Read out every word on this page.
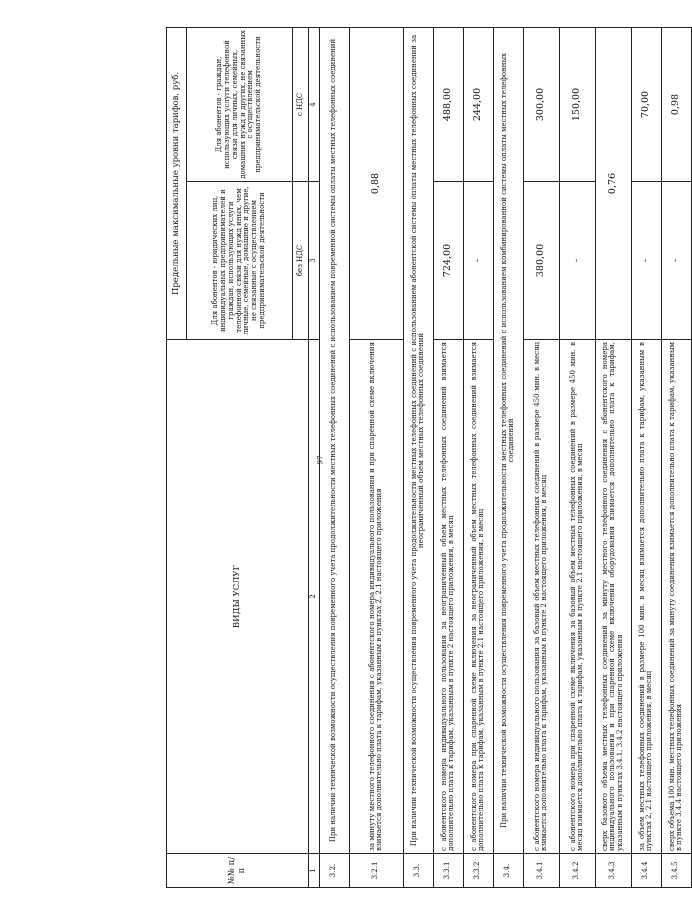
97
№№ п/п	ВИДЫ УСЛУГ	Предельные максимальные уровни тарифов, руб.	
		Для абонентов - юридических лиц, индивидуальных предпринимателей и граждан, использующих услуги телефонной связи для нужд иных, чем личные, семейные, домашние и другие, не связанные с осуществлением предпринимательской деятельности	Для абонентов - граждан, использующих услуги телефонной связи для личных, семейных, домашних нужд и других, не связанных с осуществлением предпринимательской деятельности
		без НДС	с НДС
1	2	3	4
3.2.	При наличии технической возможности осуществления повременного учета продолжительности местных телефонных соединений с использованием повременной системы оплаты местных телефонных соединений		
3.2.1	за минуту местного телефонного соединения с абонентского номера индивидуального пользования и при спаренной схеме включения взимается дополнительно плата к тарифам, указанным в пунктах 2, 2.1 настоящего приложения	0,88	
3.3.	При наличии технической возможности осуществления повременного учета продолжительности местных телефонных соединений с использованием абонентской системы оплаты местных телефонных соединений за неограниченный объем местных телефонных соединений		
3.3.1	с абонентского номера индивидуального пользования за неограниченный объем местных телефонных соединений взимается дополнительно плата к тарифам, указанным в пункте 2 настоящего приложения, в месяц	724,00	488,00
3.3.2	с абонентского номера при спаренной схеме включения за неограниченный объем местных телефонных соединений взимается дополнительно плата к тарифам, указанным в пункте 2.1 настоящего приложения, в месяц	-	244,00
3.4.	При наличии технической возможности осуществления повременного учета продолжительности местных телефонных соединений с использованием комбинированной системы оплаты местных телефонных соединений		
3.4.1	с абонентского номера индивидуального пользования за базовый объем местных телефонных соединений в размере 450 мин. в месяц взимается дополнительно плата к тарифам, указанным в пункте 2 настоящего приложения, в месяц	380,00	300,00
3.4.2	с абонентского номера при спаренной схеме включения за базовый объем местных телефонных соединений в размере 450 мин. в месяц взимается дополнительно плата к тарифам, указанным в пункте 2.1 настоящего приложения, в месяц	-	150,00
3.4.3	сверх базового объема местных телефонных соединений за минуту местного телефонного соединения с абонентского номера индивидуального пользования и при спаренной схеме включения оборудования взимается дополнительно плата к тарифам, указанным в пунктах 3.4.1, 3.4.2 настоящего приложения	0,76	
3.4.4	за объем местных телефонных соединений в размере 100 мин. в месяц взимается дополнительно плата к тарифам, указанным в пунктах 2, 2.1 настоящего приложения, в месяц	-	70,00
3.4.5	сверх объема 100 мин. местных телефонных соединений за минуту соединения взимается дополнительно плата к тарифам, указанным в пункте 3.4.4 настоящего приложения	-	0,98
